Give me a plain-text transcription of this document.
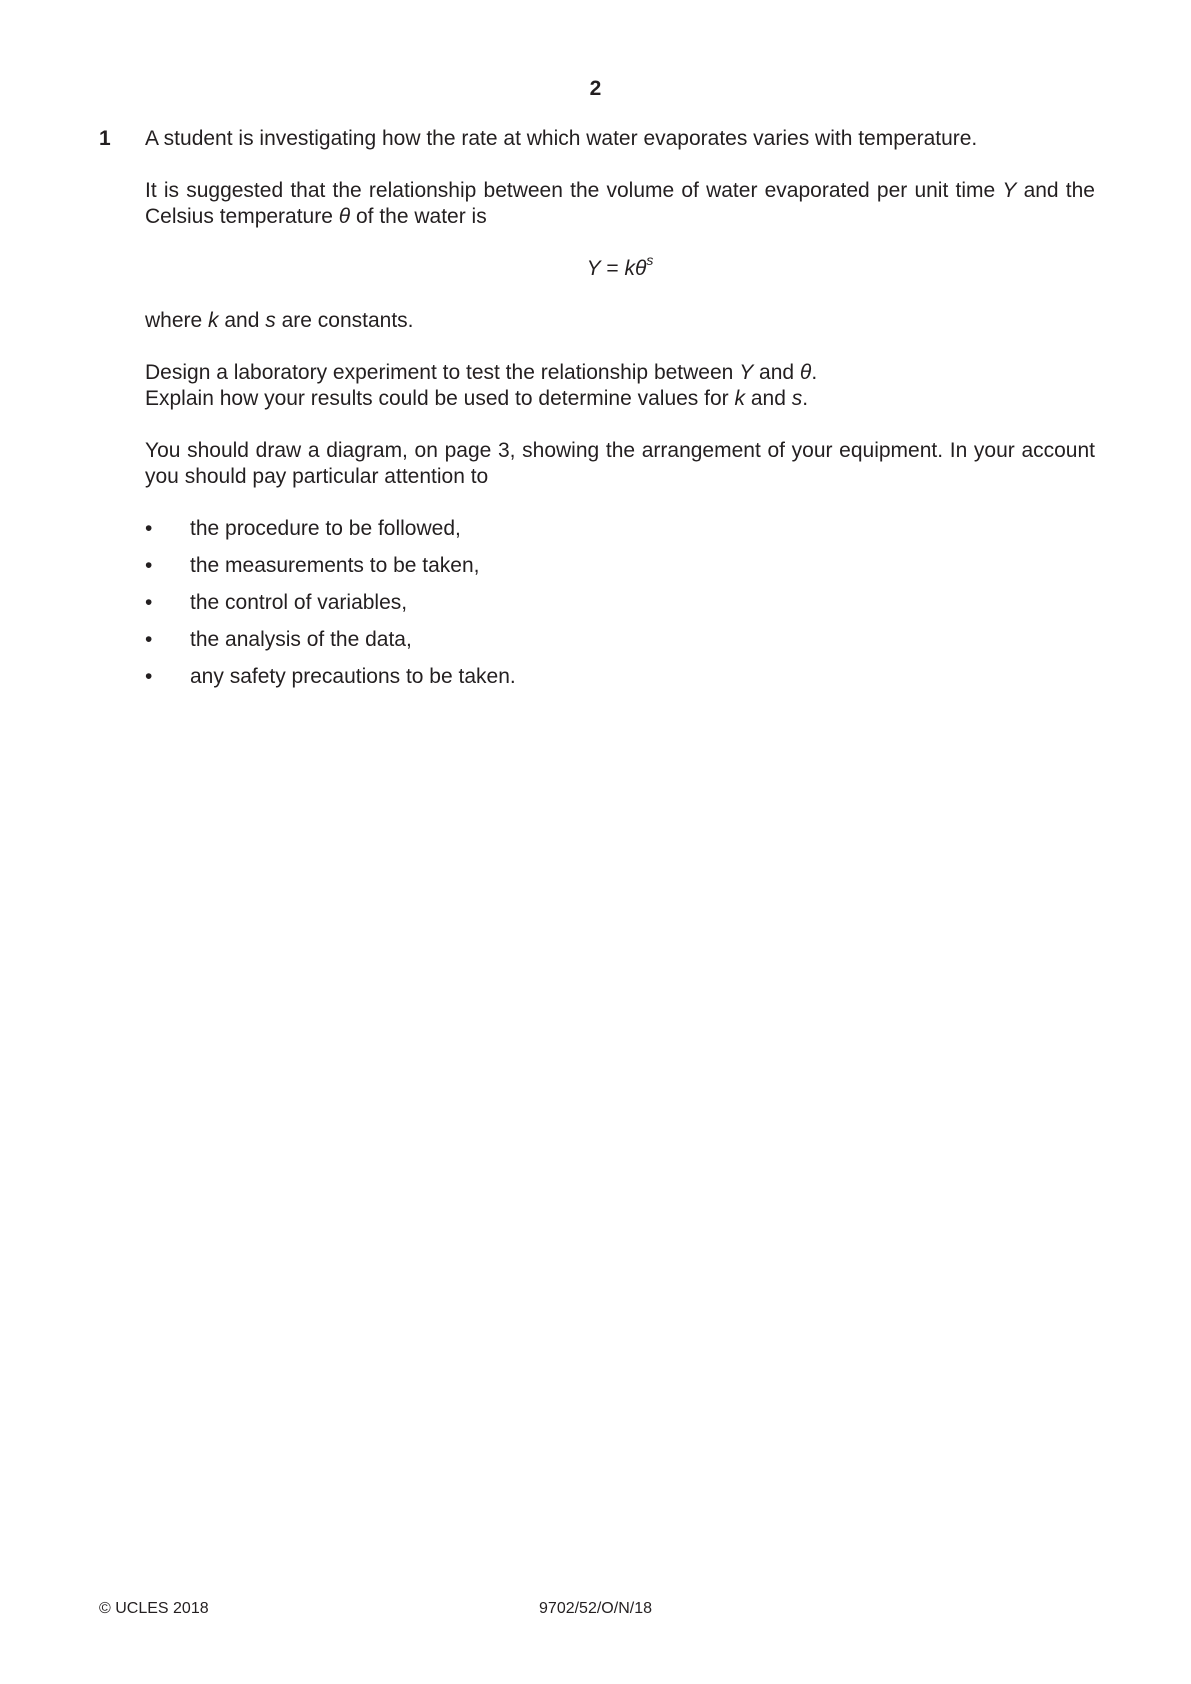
2
1 A student is investigating how the rate at which water evaporates varies with temperature.

It is suggested that the relationship between the volume of water evaporated per unit time Y and the Celsius temperature θ of the water is

$Y = k\theta^s$

where k and s are constants.

Design a laboratory experiment to test the relationship between Y and θ.

Explain how your results could be used to determine values for k and s.

You should draw a diagram, on page 3, showing the arrangement of your equipment. In your account you should pay particular attention to

• the procedure to be followed,
• the measurements to be taken,
• the control of variables,
• the analysis of the data,
• any safety precautions to be taken.
© UCLES 2018	9702/52/O/N/18
